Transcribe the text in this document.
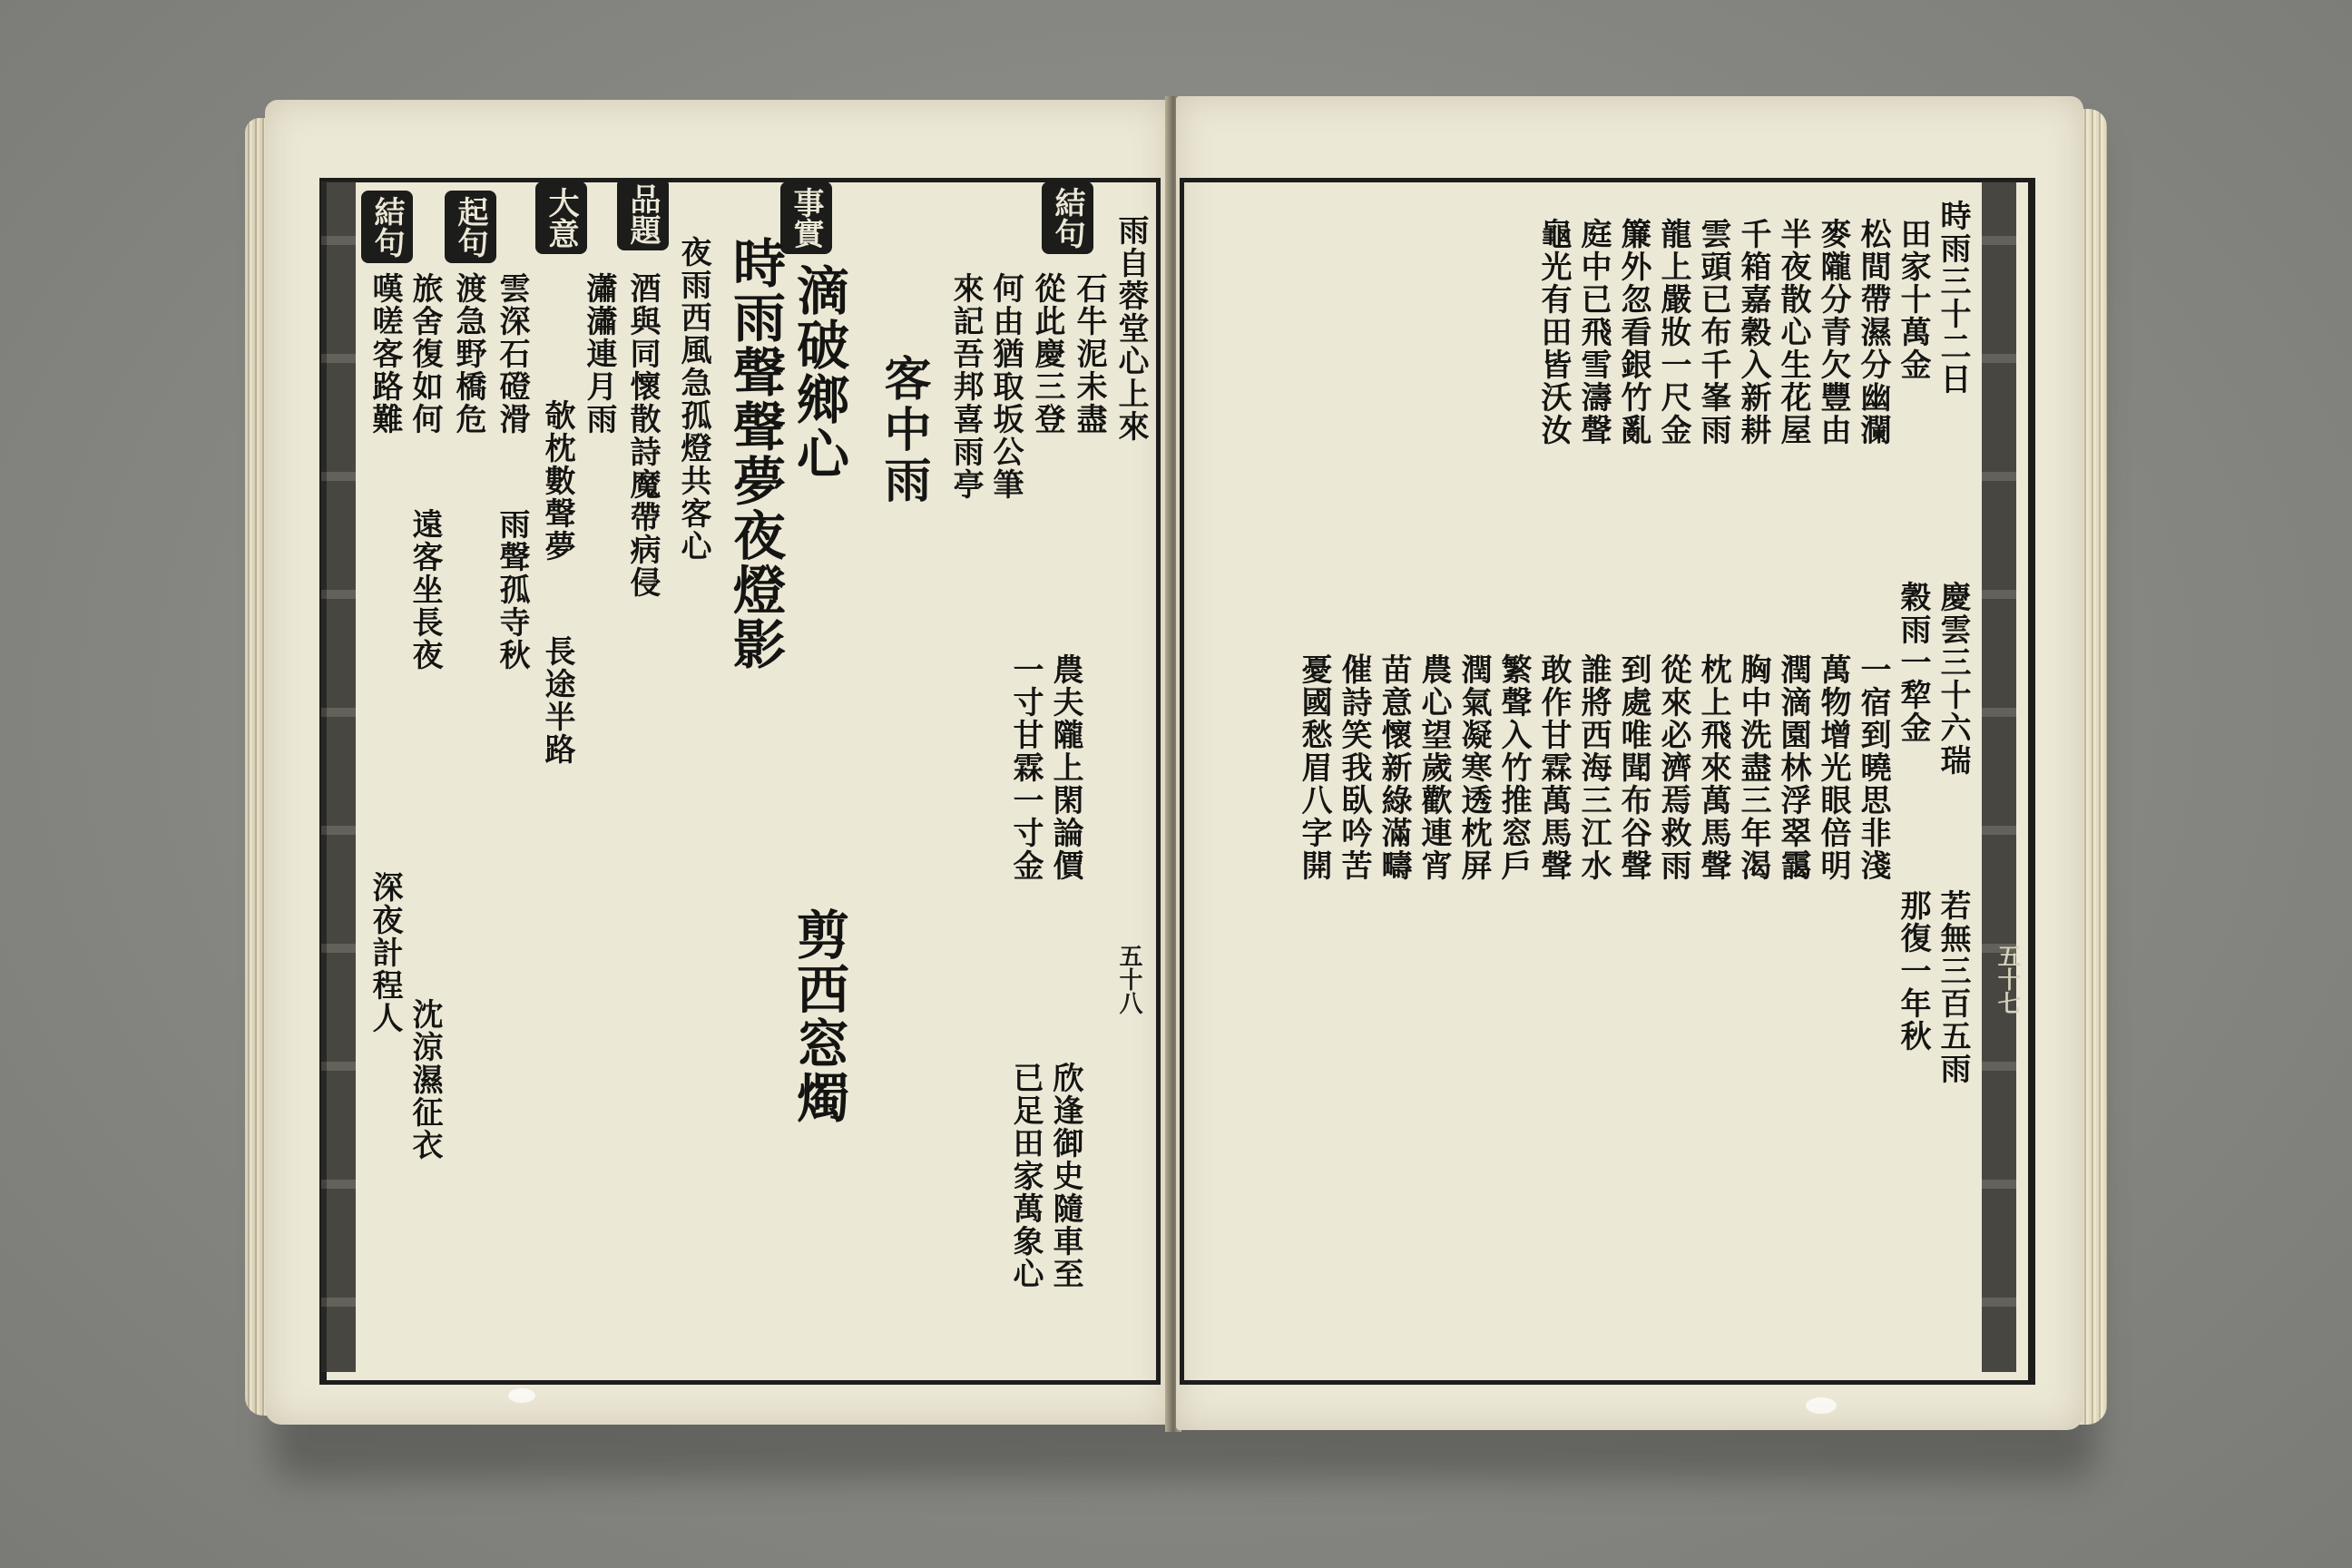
五十八
結句
客中雨	雨自蓉堂心上來
石牛泥未盡
從此慶三登
何由猶取坂公筆
來記吾邦喜雨亭
事實
滴破鄉心
剪西窓燭
時雨聲聲夢夜燈影
品題
夜雨西風急孤燈共客心
酒與同懷散詩魔帶病侵
大意
瀟瀟連月雨
欹枕數聲夢
起句
雲深石磴滑
渡急野橋危
結句
旅舍復如何
雨聲孤寺秋
遠客坐長夜
長途半路
嘆嗟客路難
深夜計程人
沈涼濕征衣
五十七
時雨三十二日
慶雲三十六瑞
若無三百五雨
田家十萬金
穀雨一犂金
那復一年秋
松間帶濕分幽瀾
麥隴分青欠豐由
一宿到曉思非淺
半夜散心生花屋
千箱嘉穀入新耕
萬物增光眼倍明
雲頭已布千峯雨
潤滴園林浮翠靄
龍上嚴妝一尺金
簾外忽看銀竹亂
胸中洗盡三年渴
庭中已飛雪濤聲
龜光有田皆沃汝
枕上飛來萬馬聲
從來必濟焉救雨
到處唯聞布谷聲
誰將西海三江水
敢作甘霖萬馬聲
繁聲入竹推窓戶
潤氣凝寒透枕屏
農心望歲歡連宵
苗意懷新綠滿疇
催詩笑我臥吟苦
憂國愁眉八字開
農夫隴上閑論價
一寸甘霖一寸金
欣逢御史隨車至
已足田家萬象心
